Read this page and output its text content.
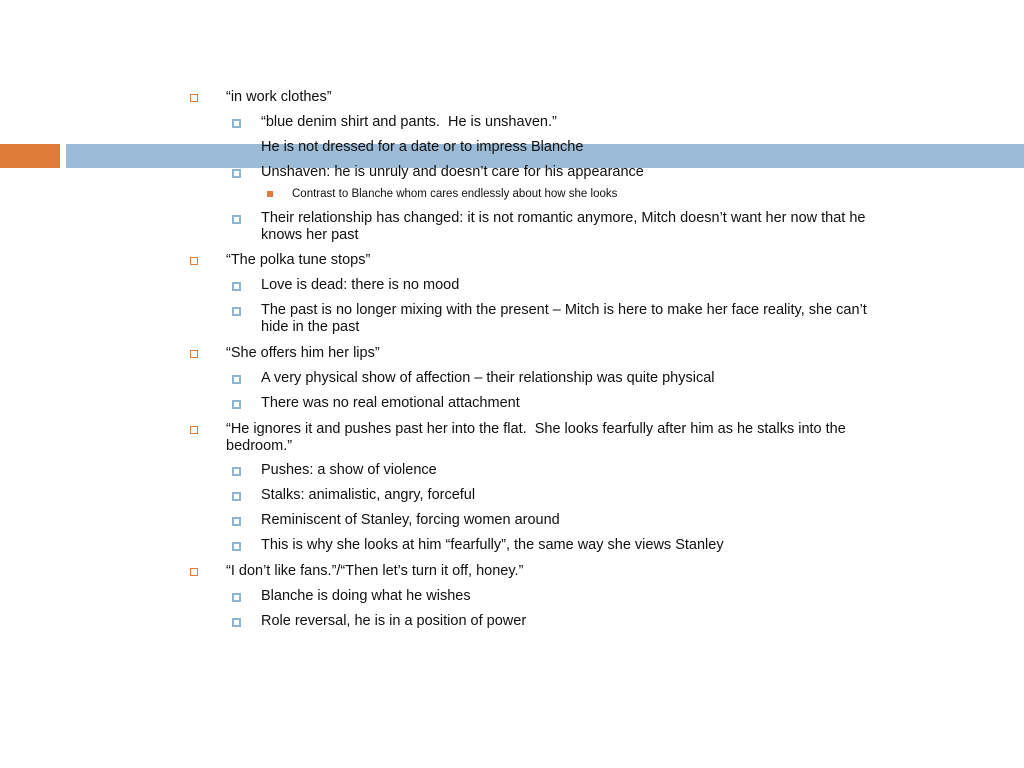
“in work clothes”
“blue denim shirt and pants.  He is unshaven.”
He is not dressed for a date or to impress Blanche
Unshaven: he is unruly and doesn’t care for his appearance
Contrast to Blanche whom cares endlessly about how she looks
Their relationship has changed: it is not romantic anymore, Mitch doesn’t want her now that he knows her past
“The polka tune stops”
Love is dead: there is no mood
The past is no longer mixing with the present – Mitch is here to make her face reality, she can’t hide in the past
“She offers him her lips”
A very physical show of affection – their relationship was quite physical
There was no real emotional attachment
“He ignores it and pushes past her into the flat.  She looks fearfully after him as he stalks into the bedroom.”
Pushes: a show of violence
Stalks: animalistic, angry, forceful
Reminiscent of Stanley, forcing women around
This is why she looks at him “fearfully”, the same way she views Stanley
“I don’t like fans.”/“Then let’s turn it off, honey.”
Blanche is doing what he wishes
Role reversal, he is in a position of power
